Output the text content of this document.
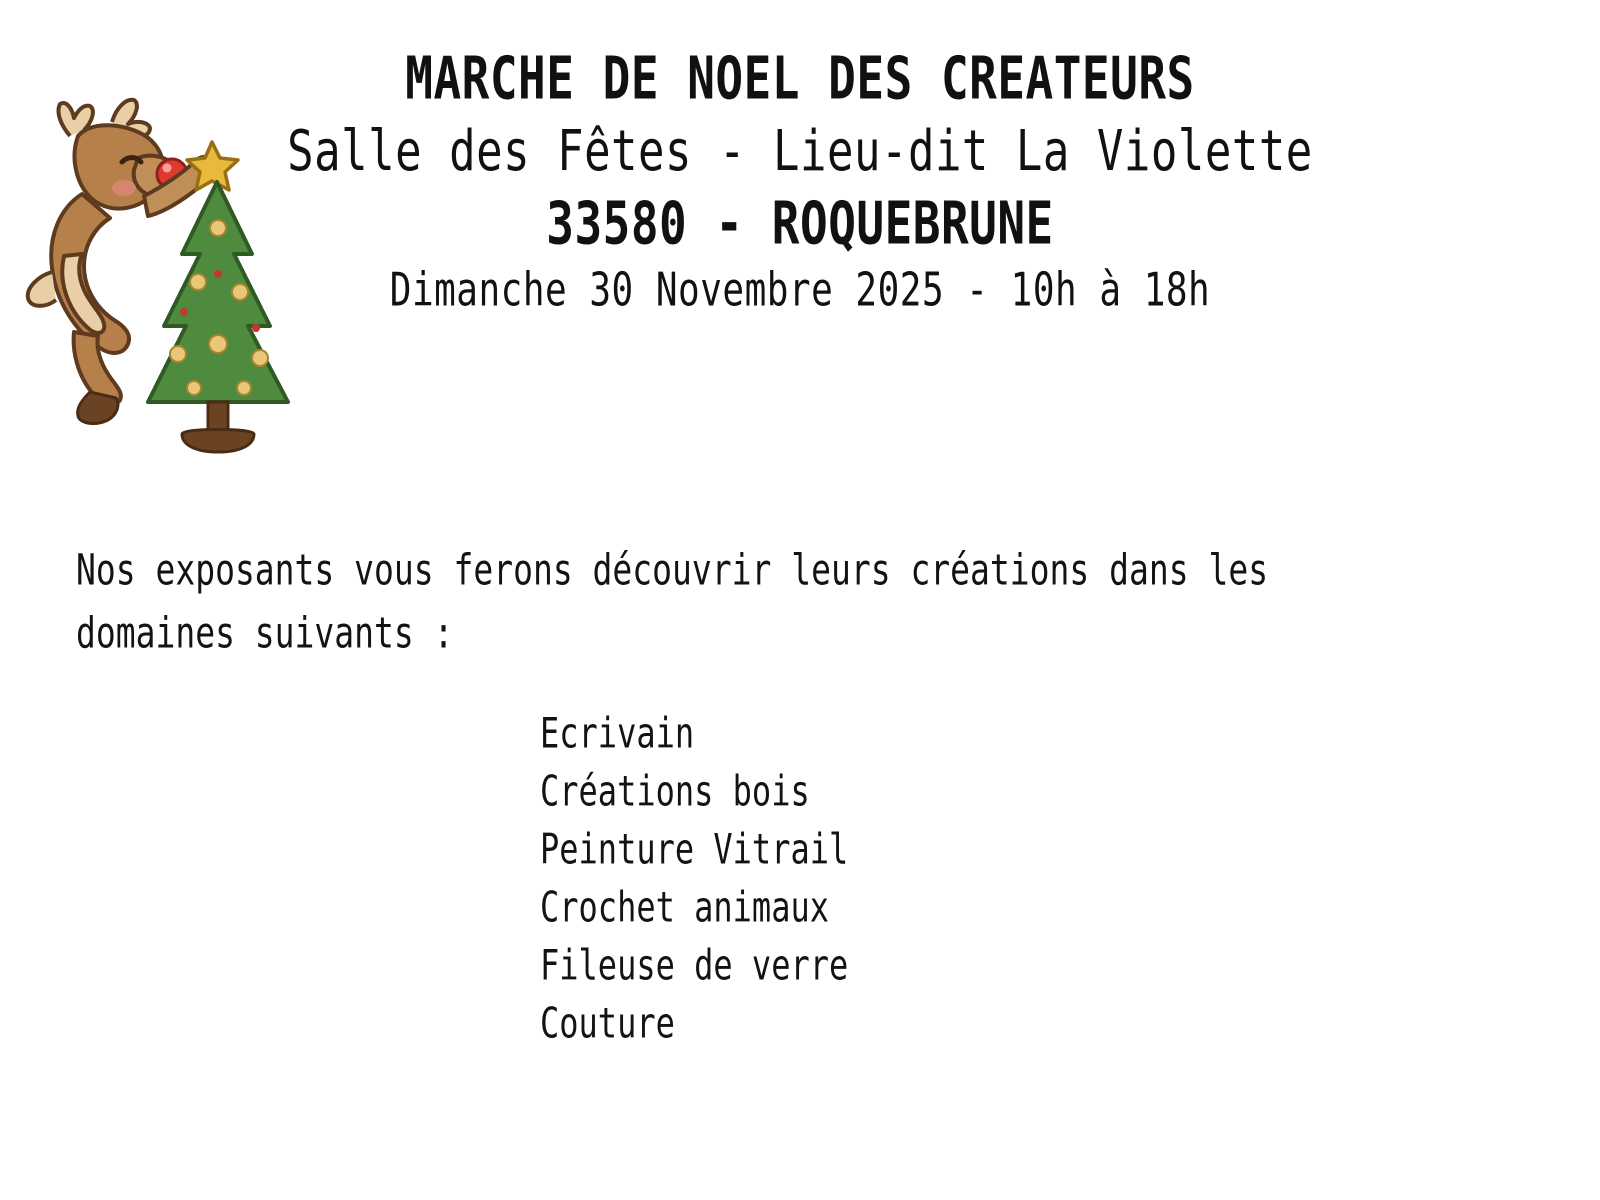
MARCHE DE NOEL DES CREATEURS
Salle des Fêtes - Lieu-dit La Violette
33580 - ROQUEBRUNE
Dimanche 30 Novembre 2025 - 10h à 18h
Nos exposants vous ferons découvrir leurs créations dans les
domaines suivants :
Ecrivain
Créations bois
Peinture Vitrail
Crochet animaux
Fileuse de verre
Couture
